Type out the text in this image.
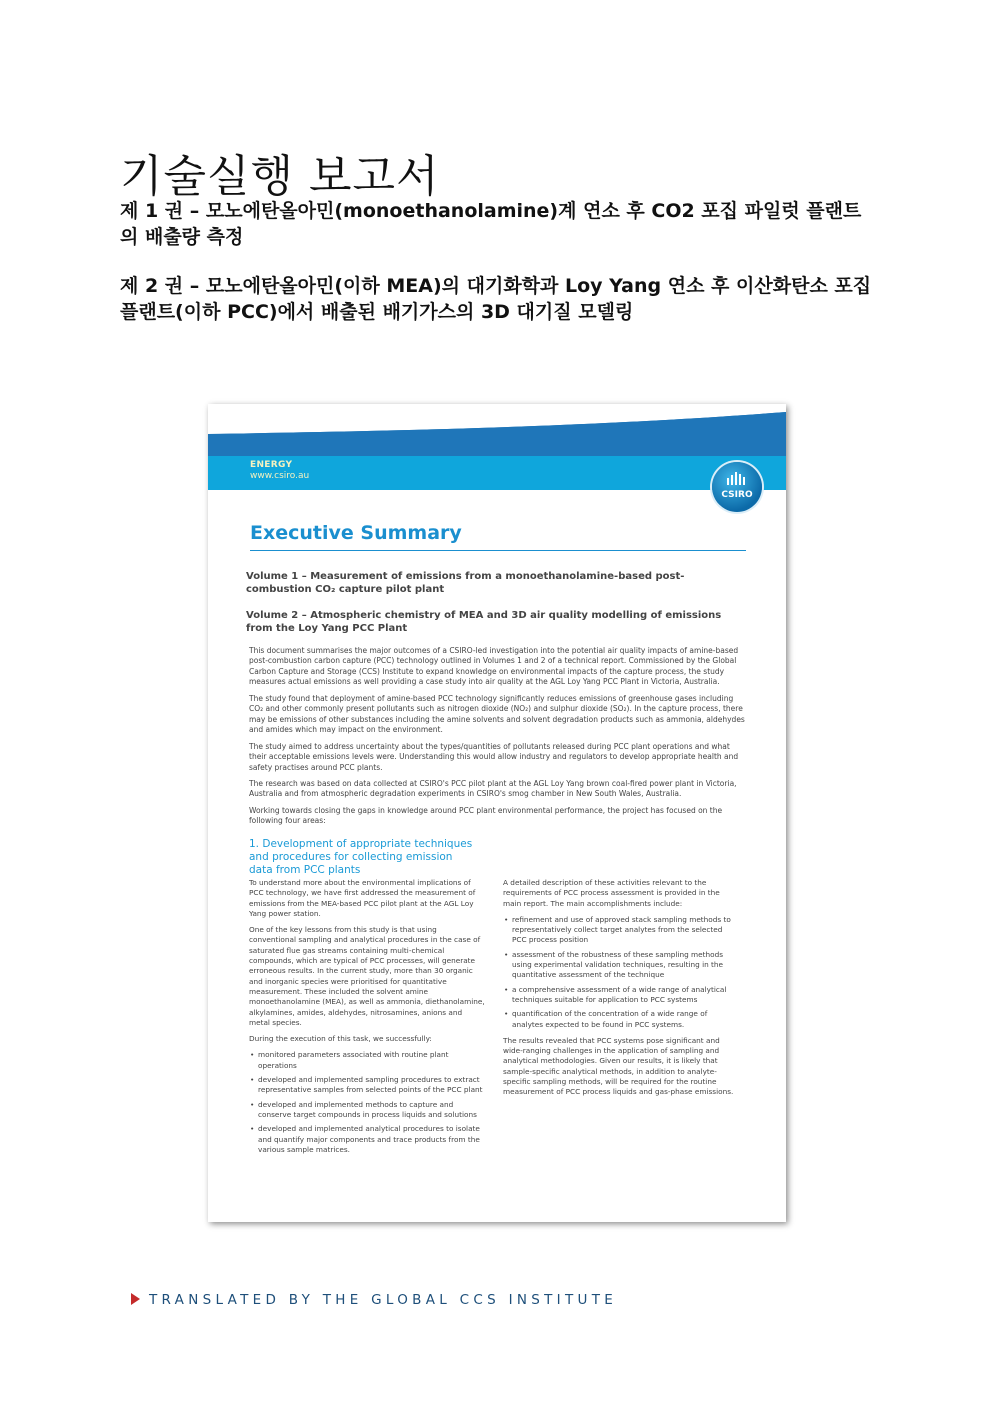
기술실행 보고서

제 1 권 – 모노에탄올아민(monoethanolamine)계 연소 후 CO2 포집 파일럿 플랜트의 배출량 측정

제 2 권 – 모노에탄올아민(이하 MEA)의 대기화학과 Loy Yang 연소 후 이산화탄소 포집 플랜트(이하 PCC)에서 배출된 배기가스의 3D 대기질 모델링

ENERGY
www.csiro.au
CSIRO
Executive Summary

Volume 1 – Measurement of emissions from a monoethanolamine-based post-combustion CO₂ capture pilot plant

Volume 2 – Atmospheric chemistry of MEA and 3D air quality modelling of emissions from the Loy Yang PCC Plant

This document summarises the major outcomes of a CSIRO-led investigation into the potential air quality impacts of amine-based post-combustion carbon capture (PCC) technology outlined in Volumes 1 and 2 of a technical report. Commissioned by the Global Carbon Capture and Storage (CCS) Institute to expand knowledge on environmental impacts of the capture process, the study measures actual emissions as well providing a case study into air quality at the AGL Loy Yang PCC Plant in Victoria, Australia.

The study found that deployment of amine-based PCC technology significantly reduces emissions of greenhouse gases including CO₂ and other commonly present pollutants such as nitrogen dioxide (NO₂) and sulphur dioxide (SO₂). In the capture process, there may be emissions of other substances including the amine solvents and solvent degradation products such as ammonia, aldehydes and amides which may impact on the environment.

The study aimed to address uncertainty about the types/quantities of pollutants released during PCC plant operations and what their acceptable emissions levels were. Understanding this would allow industry and regulators to develop appropriate health and safety practises around PCC plants.

The research was based on data collected at CSIRO's PCC pilot plant at the AGL Loy Yang brown coal-fired power plant in Victoria, Australia and from atmospheric degradation experiments in CSIRO's smog chamber in New South Wales, Australia.

Working towards closing the gaps in knowledge around PCC plant environmental performance, the project has focused on the following four areas:

1. Development of appropriate techniques and procedures for collecting emission data from PCC plants

To understand more about the environmental implications of PCC technology, we have first addressed the measurement of emissions from the MEA-based PCC pilot plant at the AGL Loy Yang power station.

One of the key lessons from this study is that using conventional sampling and analytical procedures in the case of saturated flue gas streams containing multi-chemical compounds, which are typical of PCC processes, will generate erroneous results. In the current study, more than 30 organic and inorganic species were prioritised for quantitative measurement. These included the solvent amine monoethanolamine (MEA), as well as ammonia, diethanolamine, alkylamines, amides, aldehydes, nitrosamines, anions and metal species.

During the execution of this task, we successfully:

• monitored parameters associated with routine plant operations
• developed and implemented sampling procedures to extract representative samples from selected points of the PCC plant
• developed and implemented methods to capture and conserve target compounds in process liquids and solutions
• developed and implemented analytical procedures to isolate and quantify major components and trace products from the various sample matrices.

A detailed description of these activities relevant to the requirements of PCC process assessment is provided in the main report. The main accomplishments include:

• refinement and use of approved stack sampling methods to representatively collect target analytes from the selected PCC process position
• assessment of the robustness of these sampling methods using experimental validation techniques, resulting in the quantitative assessment of the technique
• a comprehensive assessment of a wide range of analytical techniques suitable for application to PCC systems
• quantification of the concentration of a wide range of analytes expected to be found in PCC systems.

The results revealed that PCC systems pose significant and wide-ranging challenges in the application of sampling and analytical methodologies. Given our results, it is likely that sample-specific analytical methods, in addition to analyte-specific sampling methods, will be required for the routine measurement of PCC process liquids and gas-phase emissions.

TRANSLATED BY THE GLOBAL CCS INSTITUTE
